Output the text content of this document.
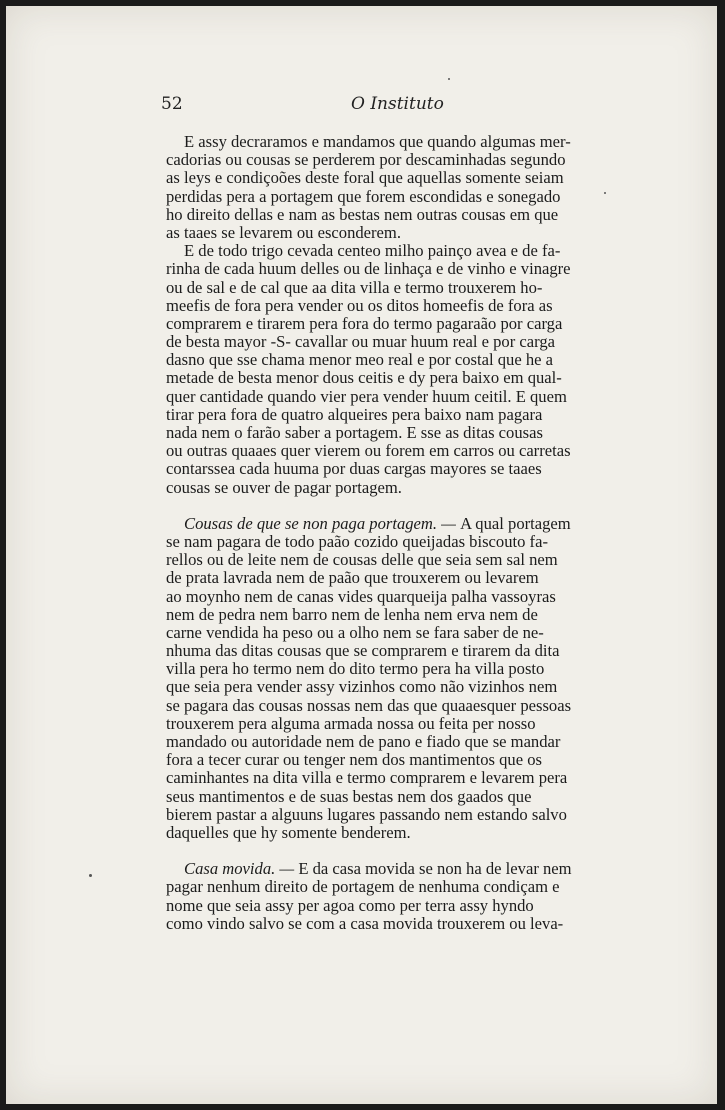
52	O Instituto
E assy decraramos e mandamos que quando algumas mer-
cadorias ou cousas se perderem por descaminhadas segundo
as leys e condiçoões deste foral que aquellas somente seiam
perdidas pera a portagem que forem escondidas e sonegado
ho direito dellas e nam as bestas nem outras cousas em que
as taaes se levarem ou esconderem.
E de todo trigo cevada centeo milho painço avea e de fa-
rinha de cada huum delles ou de linhaça e de vinho e vinagre
ou de sal e de cal que aa dita villa e termo trouxerem ho-
meefis de fora pera vender ou os ditos homeefis de fora as
comprarem e tirarem pera fora do termo pagaraão por carga
de besta mayor -S- cavallar ou muar huum real e por carga
dasno que sse chama menor meo real e por costal que he a
metade de besta menor dous ceitis e dy pera baixo em qual-
quer cantidade quando vier pera vender huum ceitil. E quem
tirar pera fora de quatro alqueires pera baixo nam pagara
nada nem o farão saber a portagem. E sse as ditas cousas
ou outras quaaes quer vierem ou forem em carros ou carretas
contarssea cada huuma por duas cargas mayores se taaes
cousas se ouver de pagar portagem.
Cousas de que se non paga portagem. — A qual portagem
se nam pagara de todo paão cozido queijadas biscouto fa-
rellos ou de leite nem de cousas delle que seia sem sal nem
de prata lavrada nem de paão que trouxerem ou levarem
ao moynho nem de canas vides quarqueija palha vassoyras
nem de pedra nem barro nem de lenha nem erva nem de
carne vendida ha peso ou a olho nem se fara saber de ne-
nhuma das ditas cousas que se comprarem e tirarem da dita
villa pera ho termo nem do dito termo pera ha villa posto
que seia pera vender assy vizinhos como não vizinhos nem
se pagara das cousas nossas nem das que quaaesquer pessoas
trouxerem pera alguma armada nossa ou feita per nosso
mandado ou autoridade nem de pano e fiado que se mandar
fora a tecer curar ou tenger nem dos mantimentos que os
caminhantes na dita villa e termo comprarem e levarem pera
seus mantimentos e de suas bestas nem dos gaados que
bierem pastar a alguuns lugares passando nem estando salvo
daquelles que hy somente benderem.
Casa movida. — E da casa movida se non ha de levar nem
pagar nenhum direito de portagem de nenhuma condiçam e
nome que seia assy per agoa como per terra assy hyndo
como vindo salvo se com a casa movida trouxerem ou leva-
